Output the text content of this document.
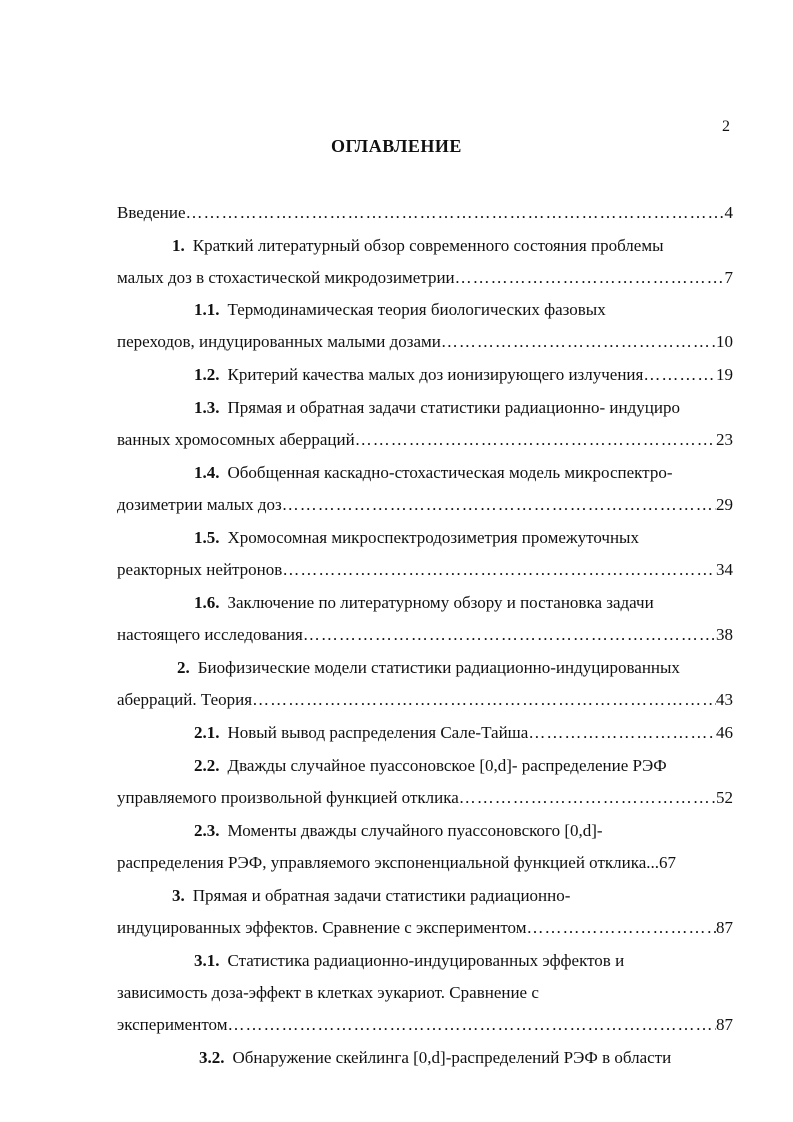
2
ОГЛАВЛЕНИЕ
Введение ………………………………………………………………………………………………………………………………………………………………………………	4
1. Краткий литературный обзор современного состояния проблемы
малых доз в стохастической микродозиметрии ………………………………………………………………………………………………………………………………………………………………………………	7
1.1. Термодинамическая теория биологических фазовых
переходов, индуцированных малыми дозами ………………………………………………………………………………………………………………………………………………………………………………	10
1.2. Критерий качества малых доз ионизирующего излучения ………………………………………………………………………………………………………………………………………………………………………………	19
1.3. Прямая и обратная задачи статистики радиационно- индуциро
ванных хромосомных аберраций ………………………………………………………………………………………………………………………………………………………………………………	23
1.4. Обобщенная каскадно-стохастическая модель микроспектро-
дозиметрии малых доз ………………………………………………………………………………………………………………………………………………………………………………	29
1.5. Хромосомная микроспектродозиметрия промежуточных
реакторных нейтронов ………………………………………………………………………………………………………………………………………………………………………………	34
1.6. Заключение по литературному обзору и постановка задачи
настоящего исследования ………………………………………………………………………………………………………………………………………………………………………………	38
2. Биофизические модели статистики радиационно-индуцированных
аберраций. Теория ………………………………………………………………………………………………………………………………………………………………………………	43
2.1. Новый вывод распределения Сале-Тайша ………………………………………………………………………………………………………………………………………………………………………………	46
2.2. Дважды случайное пуассоновское [0,d]- распределение РЭФ
управляемого произвольной функцией отклика ………………………………………………………………………………………………………………………………………………………………………………	52
2.3. Моменты дважды случайного пуассоновского [0,d]-
распределения РЭФ, управляемого экспоненциальной функцией отклика...67
3. Прямая и обратная задачи статистики радиационно-
индуцированных эффектов. Сравнение с экспериментом ………………………………………………………………………………………………………………………………………………………………………………	87
3.1. Статистика радиационно-индуцированных эффектов и
зависимость доза-эффект в клетках эукариот. Сравнение с
экспериментом ………………………………………………………………………………………………………………………………………………………………………………	87
3.2. Обнаружение скейлинга [0,d]-распределений РЭФ в области
